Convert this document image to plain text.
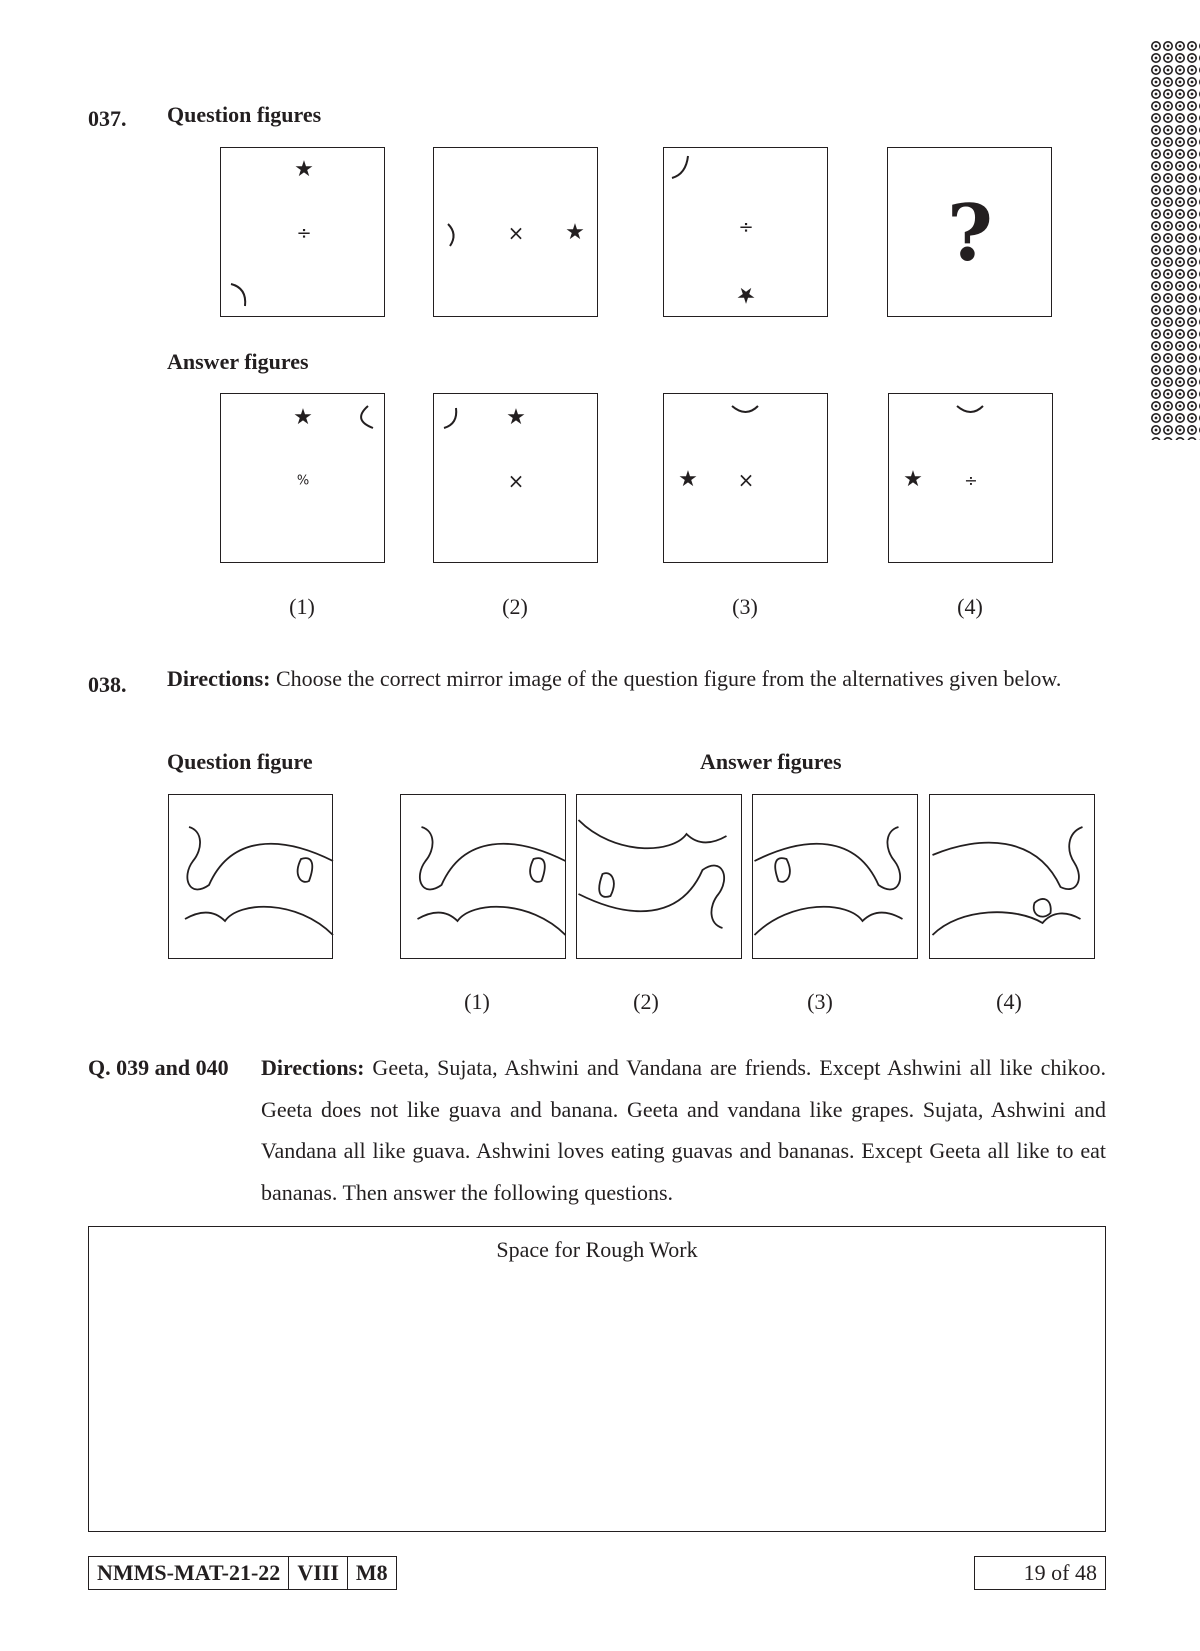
037. Question figures
★
÷	× ★	÷
★
?
Answer figures
★
%
★
×	★ ×	★	÷
(1)	(2)	(3)	(4)
038. Directions: Choose the correct mirror image of the question figure from the alternatives given below.
Question figure	Answer figures
(1)	(2)	(3)	(4)
Q. 039 and 040 Directions: Geeta, Sujata, Ashwini and Vandana are friends. Except Ashwini all like chikoo. Geeta does not like guava and banana. Geeta and vandana like grapes. Sujata, Ashwini and Vandana all like guava. Ashwini loves eating guavas and bananas. Except Geeta all like to eat bananas. Then answer the following questions.
Space for Rough Work
NMMS-MAT-21-22 VIII M8	19 of 48
